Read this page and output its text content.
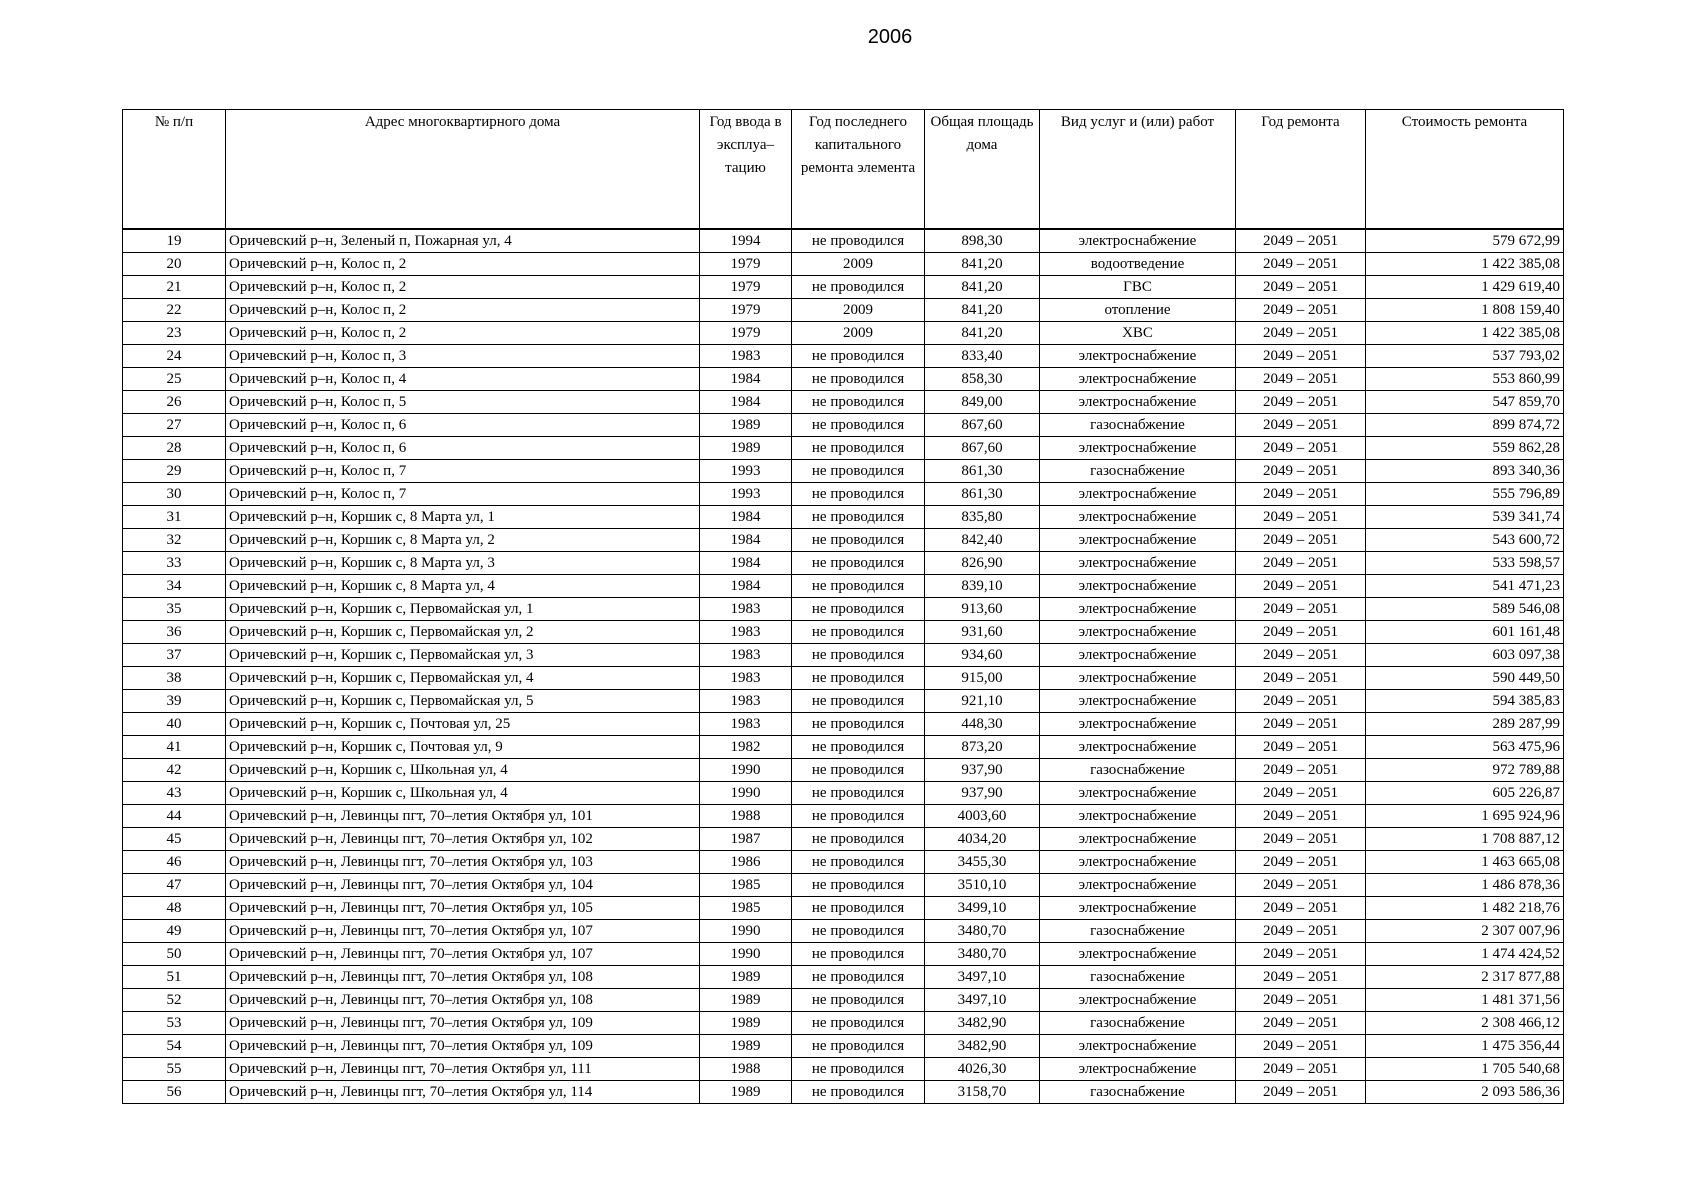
2006
№ п/п	Адрес многоквартирного дома	Год ввода в эксплуа–тацию	Год последнего капитального ремонта элемента	Общая площадь дома	Вид услуг и (или) работ	Год ремонта	Стоимость ремонта
19	Оричевский р–н, Зеленый п, Пожарная ул, 4	1994	не проводился	898,30	электроснабжение	2049 – 2051	579 672,99
20	Оричевский р–н, Колос п, 2	1979	2009	841,20	водоотведение	2049 – 2051	1 422 385,08
21	Оричевский р–н, Колос п, 2	1979	не проводился	841,20	ГВС	2049 – 2051	1 429 619,40
22	Оричевский р–н, Колос п, 2	1979	2009	841,20	отопление	2049 – 2051	1 808 159,40
23	Оричевский р–н, Колос п, 2	1979	2009	841,20	ХВС	2049 – 2051	1 422 385,08
24	Оричевский р–н, Колос п, 3	1983	не проводился	833,40	электроснабжение	2049 – 2051	537 793,02
25	Оричевский р–н, Колос п, 4	1984	не проводился	858,30	электроснабжение	2049 – 2051	553 860,99
26	Оричевский р–н, Колос п, 5	1984	не проводился	849,00	электроснабжение	2049 – 2051	547 859,70
27	Оричевский р–н, Колос п, 6	1989	не проводился	867,60	газоснабжение	2049 – 2051	899 874,72
28	Оричевский р–н, Колос п, 6	1989	не проводился	867,60	электроснабжение	2049 – 2051	559 862,28
29	Оричевский р–н, Колос п, 7	1993	не проводился	861,30	газоснабжение	2049 – 2051	893 340,36
30	Оричевский р–н, Колос п, 7	1993	не проводился	861,30	электроснабжение	2049 – 2051	555 796,89
31	Оричевский р–н, Коршик с, 8 Марта ул, 1	1984	не проводился	835,80	электроснабжение	2049 – 2051	539 341,74
32	Оричевский р–н, Коршик с, 8 Марта ул, 2	1984	не проводился	842,40	электроснабжение	2049 – 2051	543 600,72
33	Оричевский р–н, Коршик с, 8 Марта ул, 3	1984	не проводился	826,90	электроснабжение	2049 – 2051	533 598,57
34	Оричевский р–н, Коршик с, 8 Марта ул, 4	1984	не проводился	839,10	электроснабжение	2049 – 2051	541 471,23
35	Оричевский р–н, Коршик с, Первомайская ул, 1	1983	не проводился	913,60	электроснабжение	2049 – 2051	589 546,08
36	Оричевский р–н, Коршик с, Первомайская ул, 2	1983	не проводился	931,60	электроснабжение	2049 – 2051	601 161,48
37	Оричевский р–н, Коршик с, Первомайская ул, 3	1983	не проводился	934,60	электроснабжение	2049 – 2051	603 097,38
38	Оричевский р–н, Коршик с, Первомайская ул, 4	1983	не проводился	915,00	электроснабжение	2049 – 2051	590 449,50
39	Оричевский р–н, Коршик с, Первомайская ул, 5	1983	не проводился	921,10	электроснабжение	2049 – 2051	594 385,83
40	Оричевский р–н, Коршик с, Почтовая ул, 25	1983	не проводился	448,30	электроснабжение	2049 – 2051	289 287,99
41	Оричевский р–н, Коршик с, Почтовая ул, 9	1982	не проводился	873,20	электроснабжение	2049 – 2051	563 475,96
42	Оричевский р–н, Коршик с, Школьная ул, 4	1990	не проводился	937,90	газоснабжение	2049 – 2051	972 789,88
43	Оричевский р–н, Коршик с, Школьная ул, 4	1990	не проводился	937,90	электроснабжение	2049 – 2051	605 226,87
44	Оричевский р–н, Левинцы пгт, 70–летия Октября ул, 101	1988	не проводился	4003,60	электроснабжение	2049 – 2051	1 695 924,96
45	Оричевский р–н, Левинцы пгт, 70–летия Октября ул, 102	1987	не проводился	4034,20	электроснабжение	2049 – 2051	1 708 887,12
46	Оричевский р–н, Левинцы пгт, 70–летия Октября ул, 103	1986	не проводился	3455,30	электроснабжение	2049 – 2051	1 463 665,08
47	Оричевский р–н, Левинцы пгт, 70–летия Октября ул, 104	1985	не проводился	3510,10	электроснабжение	2049 – 2051	1 486 878,36
48	Оричевский р–н, Левинцы пгт, 70–летия Октября ул, 105	1985	не проводился	3499,10	электроснабжение	2049 – 2051	1 482 218,76
49	Оричевский р–н, Левинцы пгт, 70–летия Октября ул, 107	1990	не проводился	3480,70	газоснабжение	2049 – 2051	2 307 007,96
50	Оричевский р–н, Левинцы пгт, 70–летия Октября ул, 107	1990	не проводился	3480,70	электроснабжение	2049 – 2051	1 474 424,52
51	Оричевский р–н, Левинцы пгт, 70–летия Октября ул, 108	1989	не проводился	3497,10	газоснабжение	2049 – 2051	2 317 877,88
52	Оричевский р–н, Левинцы пгт, 70–летия Октября ул, 108	1989	не проводился	3497,10	электроснабжение	2049 – 2051	1 481 371,56
53	Оричевский р–н, Левинцы пгт, 70–летия Октября ул, 109	1989	не проводился	3482,90	газоснабжение	2049 – 2051	2 308 466,12
54	Оричевский р–н, Левинцы пгт, 70–летия Октября ул, 109	1989	не проводился	3482,90	электроснабжение	2049 – 2051	1 475 356,44
55	Оричевский р–н, Левинцы пгт, 70–летия Октября ул, 111	1988	не проводился	4026,30	электроснабжение	2049 – 2051	1 705 540,68
56	Оричевский р–н, Левинцы пгт, 70–летия Октября ул, 114	1989	не проводился	3158,70	газоснабжение	2049 – 2051	2 093 586,36
